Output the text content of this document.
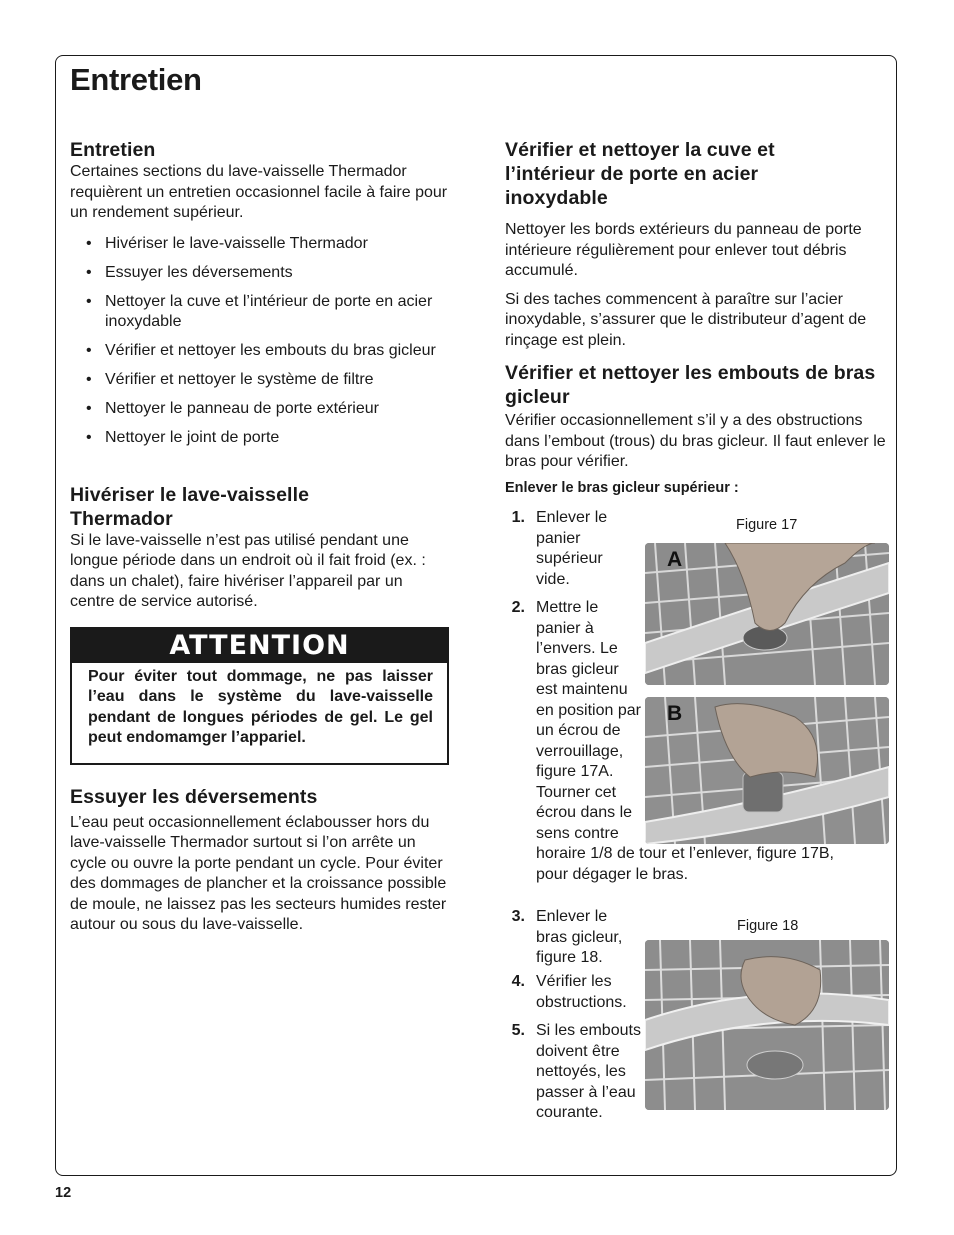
Entretien
Entretien

Certaines sections du lave-vaisselle Thermador requièrent un entretien occasionnel facile à faire pour un rendement supérieur.

• Hivériser le lave-vaisselle Thermador
• Essuyer les déversements
• Nettoyer la cuve et l’intérieur de porte en acier inoxydable
• Vérifier et nettoyer les embouts du bras gicleur
• Vérifier et nettoyer le système de filtre
• Nettoyer le panneau de porte extérieur
• Nettoyer le joint de porte
Hivériser le lave-vaisselle Thermador

Si le lave-vaisselle n’est pas utilisé pendant une longue période dans un endroit où il fait froid (ex. : dans un chalet), faire hivériser l’appareil par un centre de service autorisé.

ATTENTION
Pour éviter tout dommage, ne pas laisser l’eau dans le système du lave-vaisselle pendant de longues périodes de gel. Le gel peut endomamger l’appariel.
Essuyer les déversements

L’eau peut occasionnellement éclabousser hors du lave-vaisselle Thermador surtout si l’on arrête un cycle ou ouvre la porte pendant un cycle. Pour éviter des dommages de plancher et la croissance possible de moule, ne laissez pas les secteurs humides rester autour ou sous du lave-vaisselle.

Vérifier et nettoyer la cuve et l’intérieur de porte en acier inoxydable

Nettoyer les bords extérieurs du panneau de porte intérieure régulièrement pour enlever tout débris accumulé.

Si des taches commencent à paraître sur l’acier inoxydable, s’assurer que le distributeur d’agent de rinçage est plein.

Vérifier et nettoyer les embouts de bras gicleur

Vérifier occasionnellement s’il y a des obstructions dans l’embout (trous) du bras gicleur. Il faut enlever le bras pour vérifier.

Enlever le bras gicleur supérieur :
1. Enlever le panier supérieur vide.
2. Mettre le panier à l’envers. Le bras gicleur est maintenu en position par un écrou de verrouillage, figure 17A. Tourner cet écrou dans le sens contre
horaire 1/8 de tour et l’enlever, figure 17B, pour dégager le bras.
3. Enlever le bras gicleur, figure 18.
4. Vérifier les obstructions.
5. Si les embouts doivent être nettoyés, les passer à l’eau courante.
Figure 17
A
B
Figure 18
12
